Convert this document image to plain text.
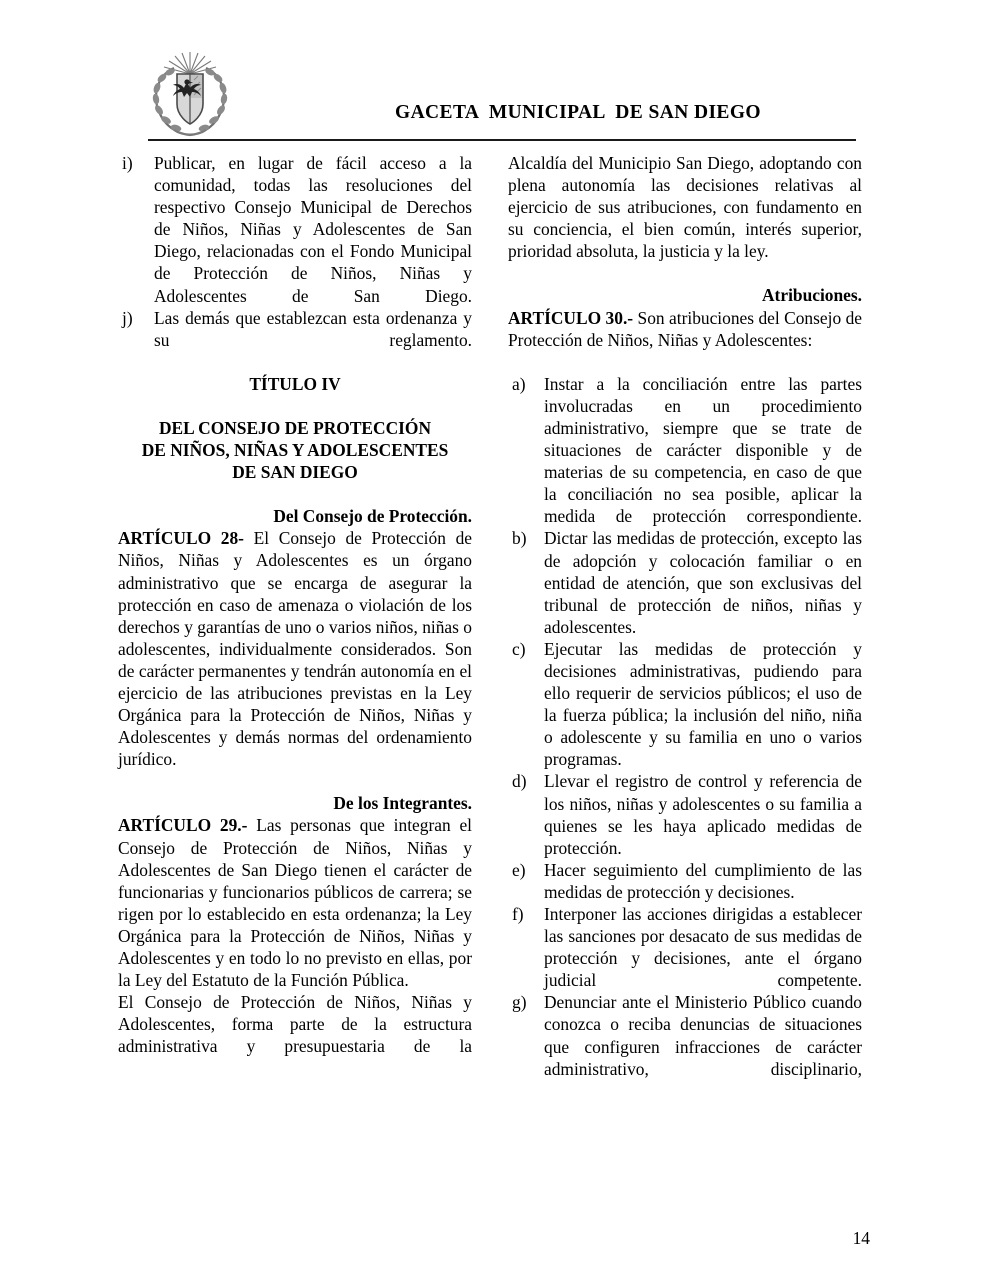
GACETA  MUNICIPAL  DE SAN DIEGO
i)	Publicar, en lugar de fácil acceso a la comunidad, todas las resoluciones del respectivo Consejo Municipal de Derechos de Niños, Niñas y Adolescentes de San Diego, relacionadas con el Fondo Municipal de Protección de Niños, Niñas y Adolescentes de San Diego.
j)	Las demás que establezcan esta ordenanza y su reglamento.

TÍTULO IV

DEL CONSEJO DE PROTECCIÓN
DE NIÑOS, NIÑAS Y ADOLESCENTES
DE SAN DIEGO

Del Consejo de Protección.

ARTÍCULO 28- El Consejo de Protección de Niños, Niñas y Adolescentes es un órgano administrativo que se encarga de asegurar la protección en caso de amenaza o violación de los derechos y garantías de uno o varios niños, niñas o adolescentes, individualmente considerados. Son de carácter permanentes y tendrán autonomía en el ejercicio de las atribuciones previstas en la Ley Orgánica para la Protección de Niños, Niñas y Adolescentes y demás normas del ordenamiento jurídico.

De los Integrantes.

ARTÍCULO 29.- Las personas que integran el Consejo de Protección de Niños, Niñas y Adolescentes de San Diego tienen el carácter de funcionarias y funcionarios públicos de carrera; se rigen por lo establecido en esta ordenanza; la Ley Orgánica para la Protección de Niños, Niñas y Adolescentes y en todo lo no previsto en ellas, por la Ley del Estatuto de la Función Pública.

El Consejo de Protección de Niños, Niñas y Adolescentes, forma parte de la estructura administrativa y presupuestaria de la

Alcaldía del Municipio San Diego, adoptando con plena autonomía las decisiones relativas al ejercicio de sus atribuciones, con fundamento en su conciencia, el bien común, interés superior, prioridad absoluta, la justicia y la ley.

Atribuciones.

ARTÍCULO 30.- Son atribuciones del Consejo de Protección de Niños, Niñas y Adolescentes:

a)	Instar a la conciliación entre las partes involucradas en un procedimiento administrativo, siempre que se trate de situaciones de carácter disponible y de materias de su competencia, en caso de que la conciliación no sea posible, aplicar la medida de protección correspondiente.
b)	Dictar las medidas de protección, excepto las de adopción y colocación familiar o en entidad de atención, que son exclusivas del tribunal de protección de niños, niñas y adolescentes.
c)	Ejecutar las medidas de protección y decisiones administrativas, pudiendo para ello requerir de servicios públicos; el uso de la fuerza pública; la inclusión del niño, niña o adolescente y su familia en uno o varios programas.
d)	Llevar el registro de control y referencia de los niños, niñas y adolescentes o su familia a quienes se les haya aplicado medidas de protección.
e)	Hacer seguimiento del cumplimiento de las medidas de protección y decisiones.
f)	Interponer las acciones dirigidas a establecer las sanciones por desacato de sus medidas de protección y decisiones, ante el órgano judicial competente.
g)	Denunciar ante el Ministerio Público cuando conozca o reciba denuncias de situaciones que configuren infracciones de carácter administrativo, disciplinario,
14
